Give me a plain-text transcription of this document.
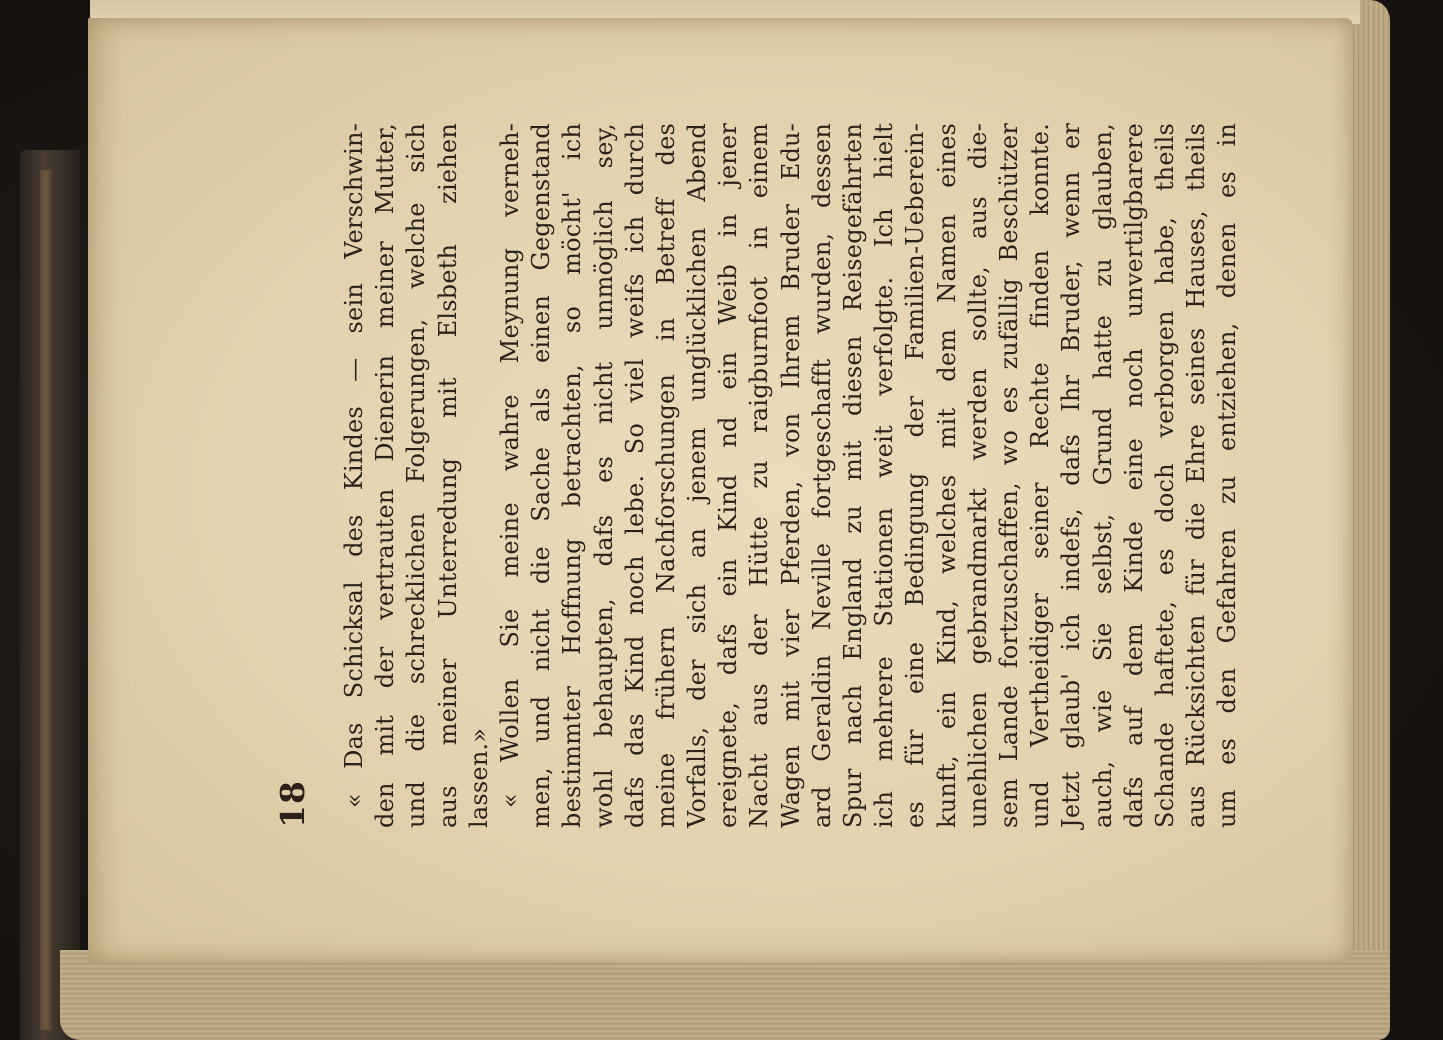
18 « Das Schicksal des Kindes — sein Verschwin- den mit der vertrauten Dienerin meiner Mutter, und die schrecklichen Folgerungen, welche sich aus meiner Unterredung mit Elsbeth ziehen lassen.» « Wollen Sie meine wahre Meynung verneh- men, und nicht die Sache als einen Gegenstand bestimmter Hoffnung betrachten, so möcht' ich wohl behaupten, dafs es nicht unmöglich sey, dafs das Kind noch lebe. So viel weifs ich durch meine frühern Nachforschungen in Betreff des Vorfalls, der sich an jenem unglücklichen Abend ereignete, dafs ein Kind nd ein Weib in jener Nacht aus der Hütte zu raigburnfoot in einem Wagen mit vier Pferden, von Ihrem Bruder Edu- ard Geraldin Neville fortgeschafft wurden, dessen Spur nach England zu mit diesen Reisegefährten ich mehrere Stationen weit verfolgte. Ich hielt es für eine Bedingung der Familien-Ueberein- kunft, ein Kind, welches mit dem Namen eines unehlichen gebrandmarkt werden sollte, aus die- sem Lande fortzuschaffen, wo es zufällig Beschützer und Vertheidiger seiner Rechte finden konnte. Jetzt glaub' ich indefs, dafs Ihr Bruder, wenn er auch, wie Sie selbst, Grund hatte zu glauben, dafs auf dem Kinde eine noch unvertilgbarere Schande haftete, es doch verborgen habe, theils aus Rücksichten für die Ehre seines Hauses, theils um es den Gefahren zu entziehen, denen es in
